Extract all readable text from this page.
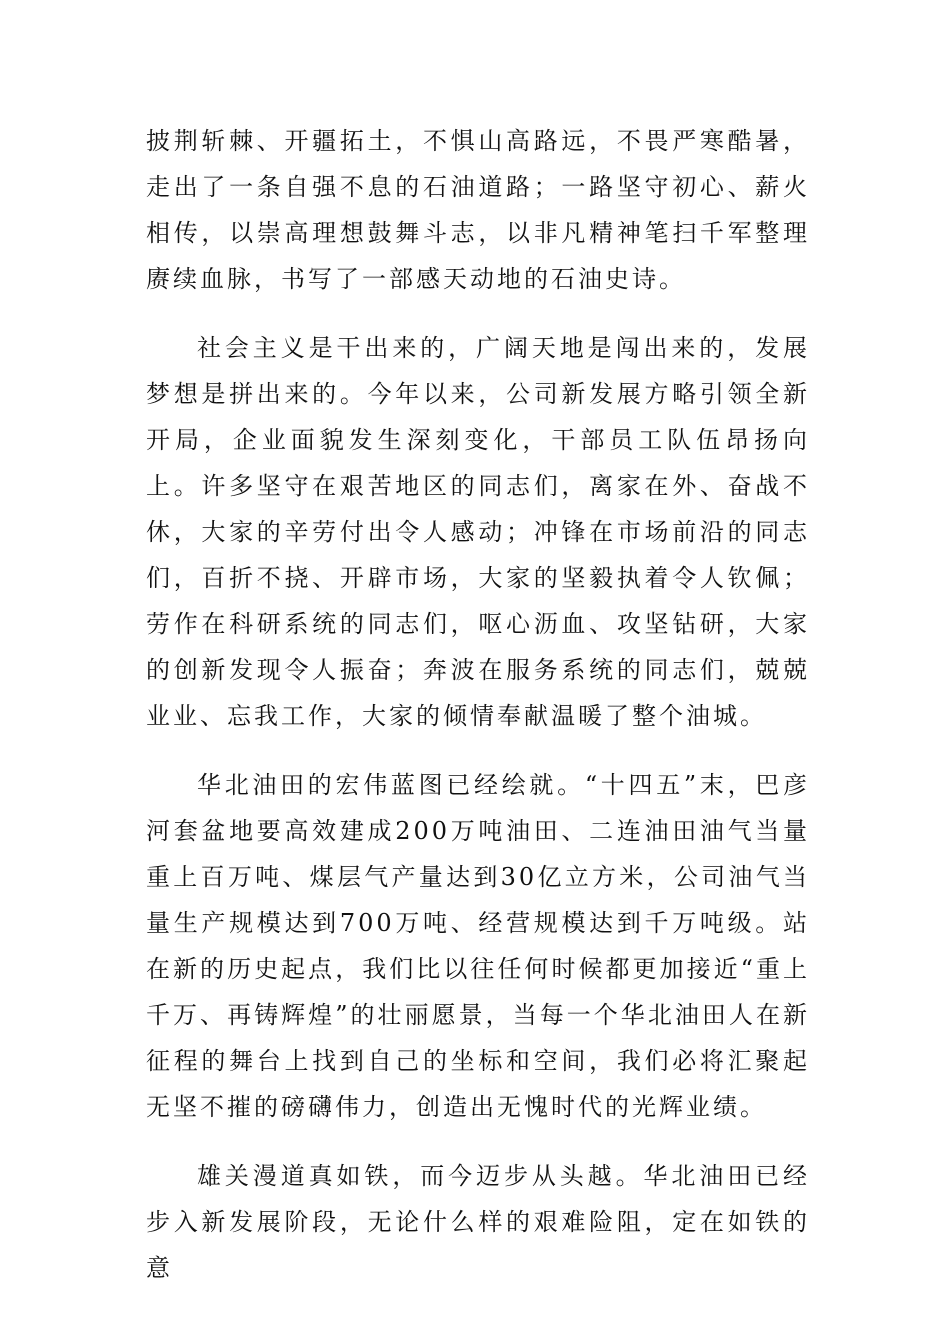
披荆斩棘、开疆拓土，不惧山高路远，不畏严寒酷暑，走出了一条自强不息的石油道路；一路坚守初心、薪火相传，以崇高理想鼓舞斗志，以非凡精神笔扫千军整理赓续血脉，书写了一部感天动地的石油史诗。

社会主义是干出来的，广阔天地是闯出来的，发展梦想是拼出来的。今年以来，公司新发展方略引领全新开局，企业面貌发生深刻变化，干部员工队伍昂扬向上。许多坚守在艰苦地区的同志们，离家在外、奋战不休，大家的辛劳付出令人感动；冲锋在市场前沿的同志们，百折不挠、开辟市场，大家的坚毅执着令人钦佩；劳作在科研系统的同志们，呕心沥血、攻坚钻研，大家的创新发现令人振奋；奔波在服务系统的同志们，兢兢业业、忘我工作，大家的倾情奉献温暖了整个油城。

华北油田的宏伟蓝图已经绘就。“十四五”末，巴彦河套盆地要高效建成200万吨油田、二连油田油气当量重上百万吨、煤层气产量达到30亿立方米，公司油气当量生产规模达到700万吨、经营规模达到千万吨级。站在新的历史起点，我们比以往任何时候都更加接近“重上千万、再铸辉煌”的壮丽愿景，当每一个华北油田人在新征程的舞台上找到自己的坐标和空间，我们必将汇聚起无坚不摧的磅礴伟力，创造出无愧时代的光辉业绩。

雄关漫道真如铁，而今迈步从头越。华北油田已经步入新发展阶段，无论什么样的艰难险阻，定在如铁的意
